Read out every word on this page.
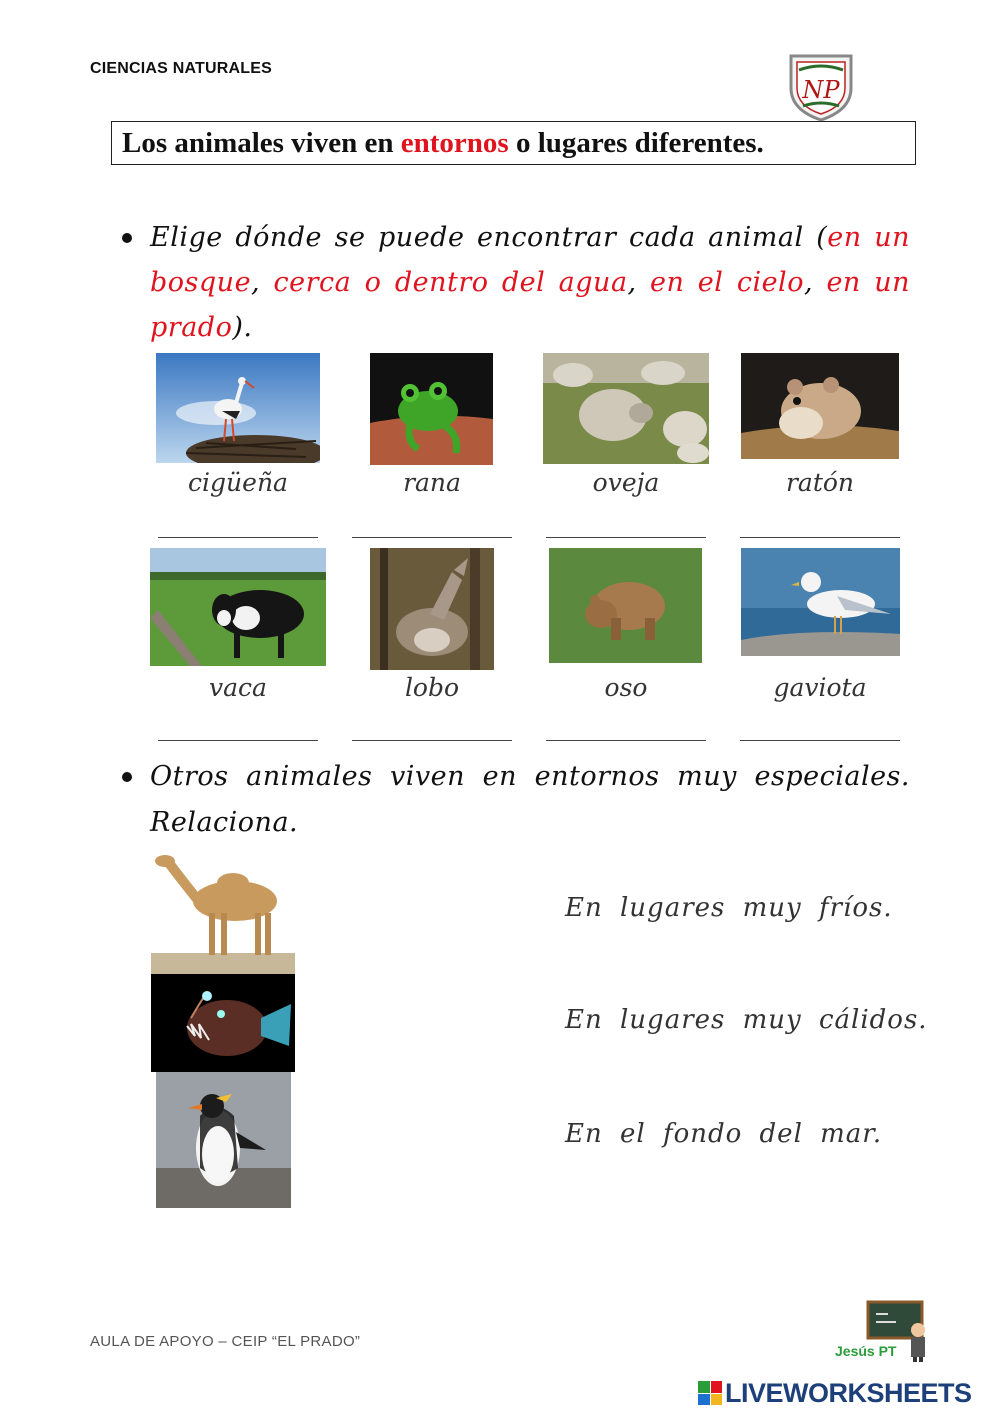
CIENCIAS NATURALES
NP
Los animales viven en entornos o lugares diferentes.
Elige dónde se puede encontrar cada animal (en un
bosque, cerca o dentro del agua, en el cielo, en un
prado).
cigüeña	rana	oveja	ratón
vaca	lobo	oso	gaviota
Otros animales viven en entornos muy especiales.
Relaciona.
En lugares muy fríos.
En lugares muy cálidos.
En el fondo del mar.
AULA DE APOYO – CEIP “EL PRADO”
Jesús PT
LIVEWORKSHEETS
